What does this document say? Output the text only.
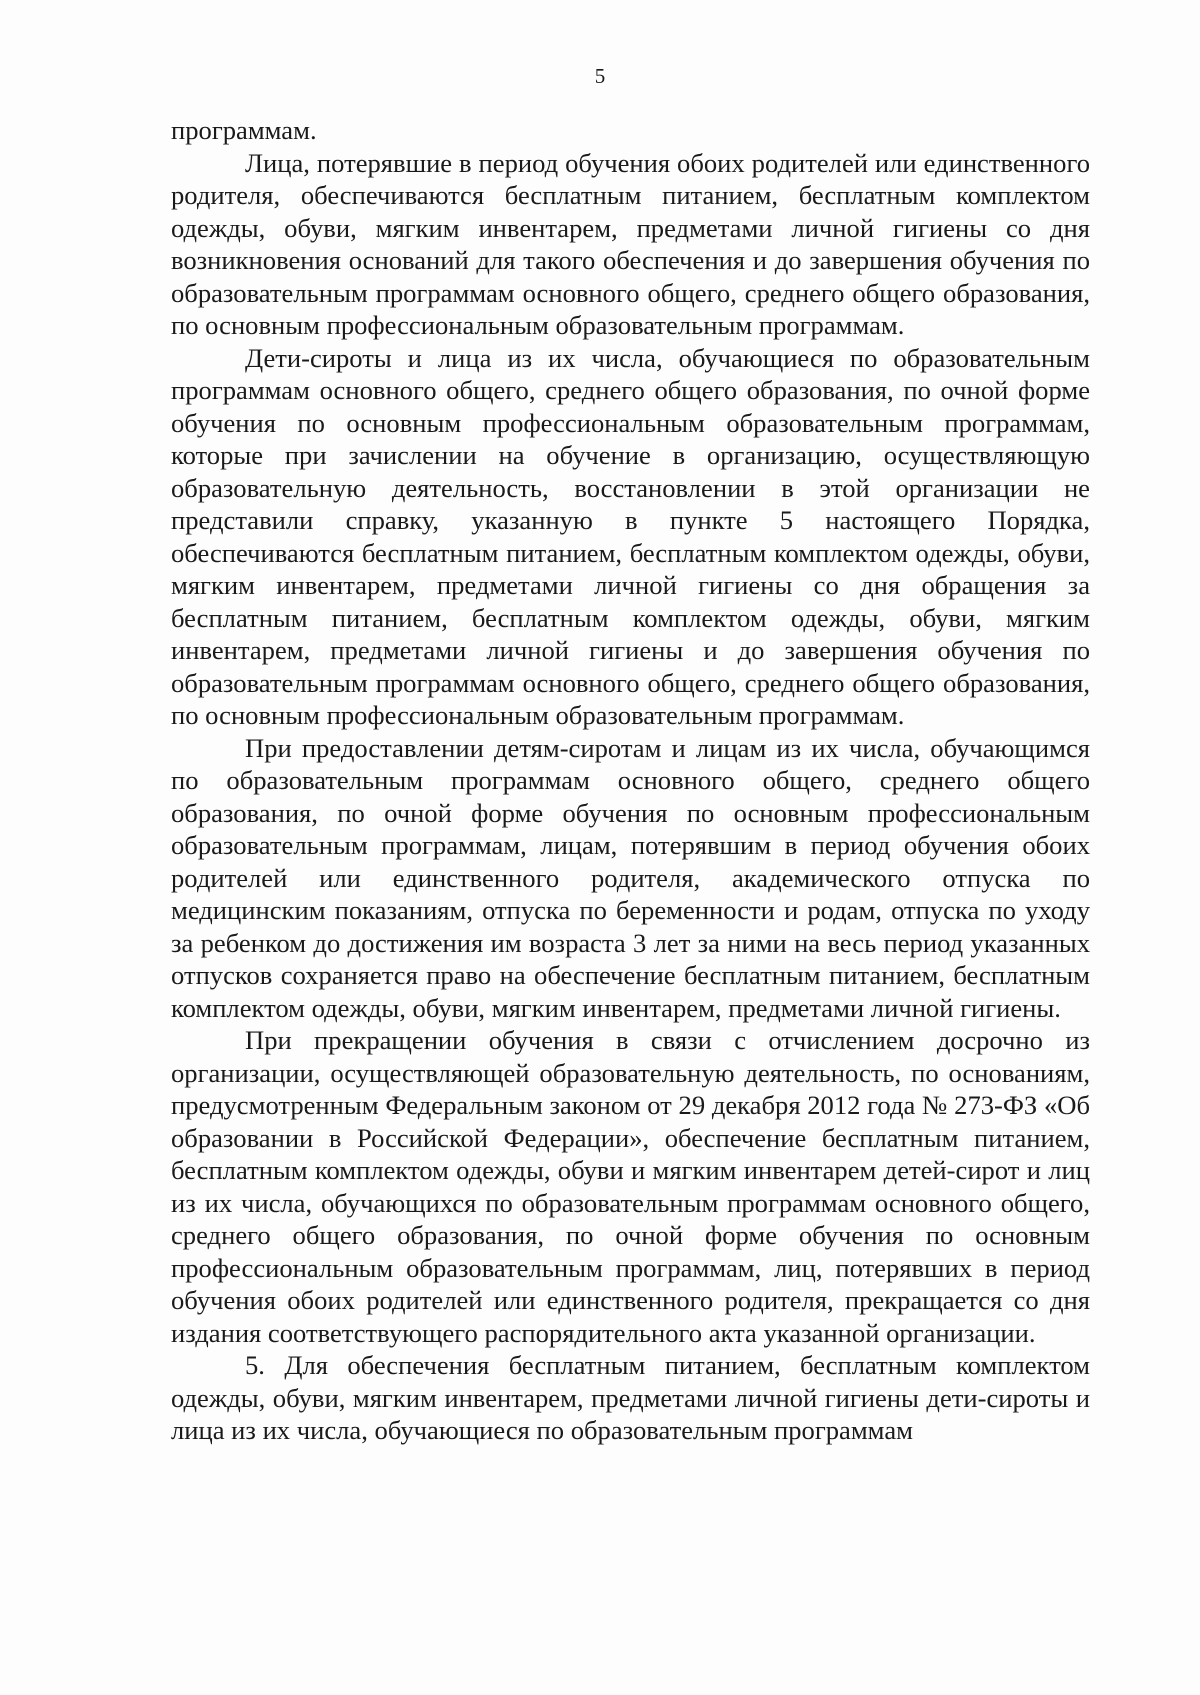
5

программам.

Лица, потерявшие в период обучения обоих родителей или единственного родителя, обеспечиваются бесплатным питанием, бесплатным комплектом одежды, обуви, мягким инвентарем, предметами личной гигиены со дня возникновения оснований для такого обеспечения и до завершения обучения по образовательным программам основного общего, среднего общего образования, по основным профессиональным образовательным программам.

Дети-сироты и лица из их числа, обучающиеся по образовательным программам основного общего, среднего общего образования, по очной форме обучения по основным профессиональным образовательным программам, которые при зачислении на обучение в организацию, осуществляющую образовательную деятельность, восстановлении в этой организации не представили справку, указанную в пункте 5 настоящего Порядка, обеспечиваются бесплатным питанием, бесплатным комплектом одежды, обуви, мягким инвентарем, предметами личной гигиены со дня обращения за бесплатным питанием, бесплатным комплектом одежды, обуви, мягким инвентарем, предметами личной гигиены и до завершения обучения по образовательным программам основного общего, среднего общего образования, по основным профессиональным образовательным программам.

При предоставлении детям-сиротам и лицам из их числа, обучающимся по образовательным программам основного общего, среднего общего образования, по очной форме обучения по основным профессиональным образовательным программам, лицам, потерявшим в период обучения обоих родителей или единственного родителя, академического отпуска по медицинским показаниям, отпуска по беременности и родам, отпуска по уходу за ребенком до достижения им возраста 3 лет за ними на весь период указанных отпусков сохраняется право на обеспечение бесплатным питанием, бесплатным комплектом одежды, обуви, мягким инвентарем, предметами личной гигиены.

При прекращении обучения в связи с отчислением досрочно из организации, осуществляющей образовательную деятельность, по основаниям, предусмотренным Федеральным законом от 29 декабря 2012 года № 273-ФЗ «Об образовании в Российской Федерации», обеспечение бесплатным питанием, бесплатным комплектом одежды, обуви и мягким инвентарем детей-сирот и лиц из их числа, обучающихся по образовательным программам основного общего, среднего общего образования, по очной форме обучения по основным профессиональным образовательным программам, лиц, потерявших в период обучения обоих родителей или единственного родителя, прекращается со дня издания соответствующего распорядительного акта указанной организации.

5. Для обеспечения бесплатным питанием, бесплатным комплектом одежды, обуви, мягким инвентарем, предметами личной гигиены дети-сироты и лица из их числа, обучающиеся по образовательным программам
